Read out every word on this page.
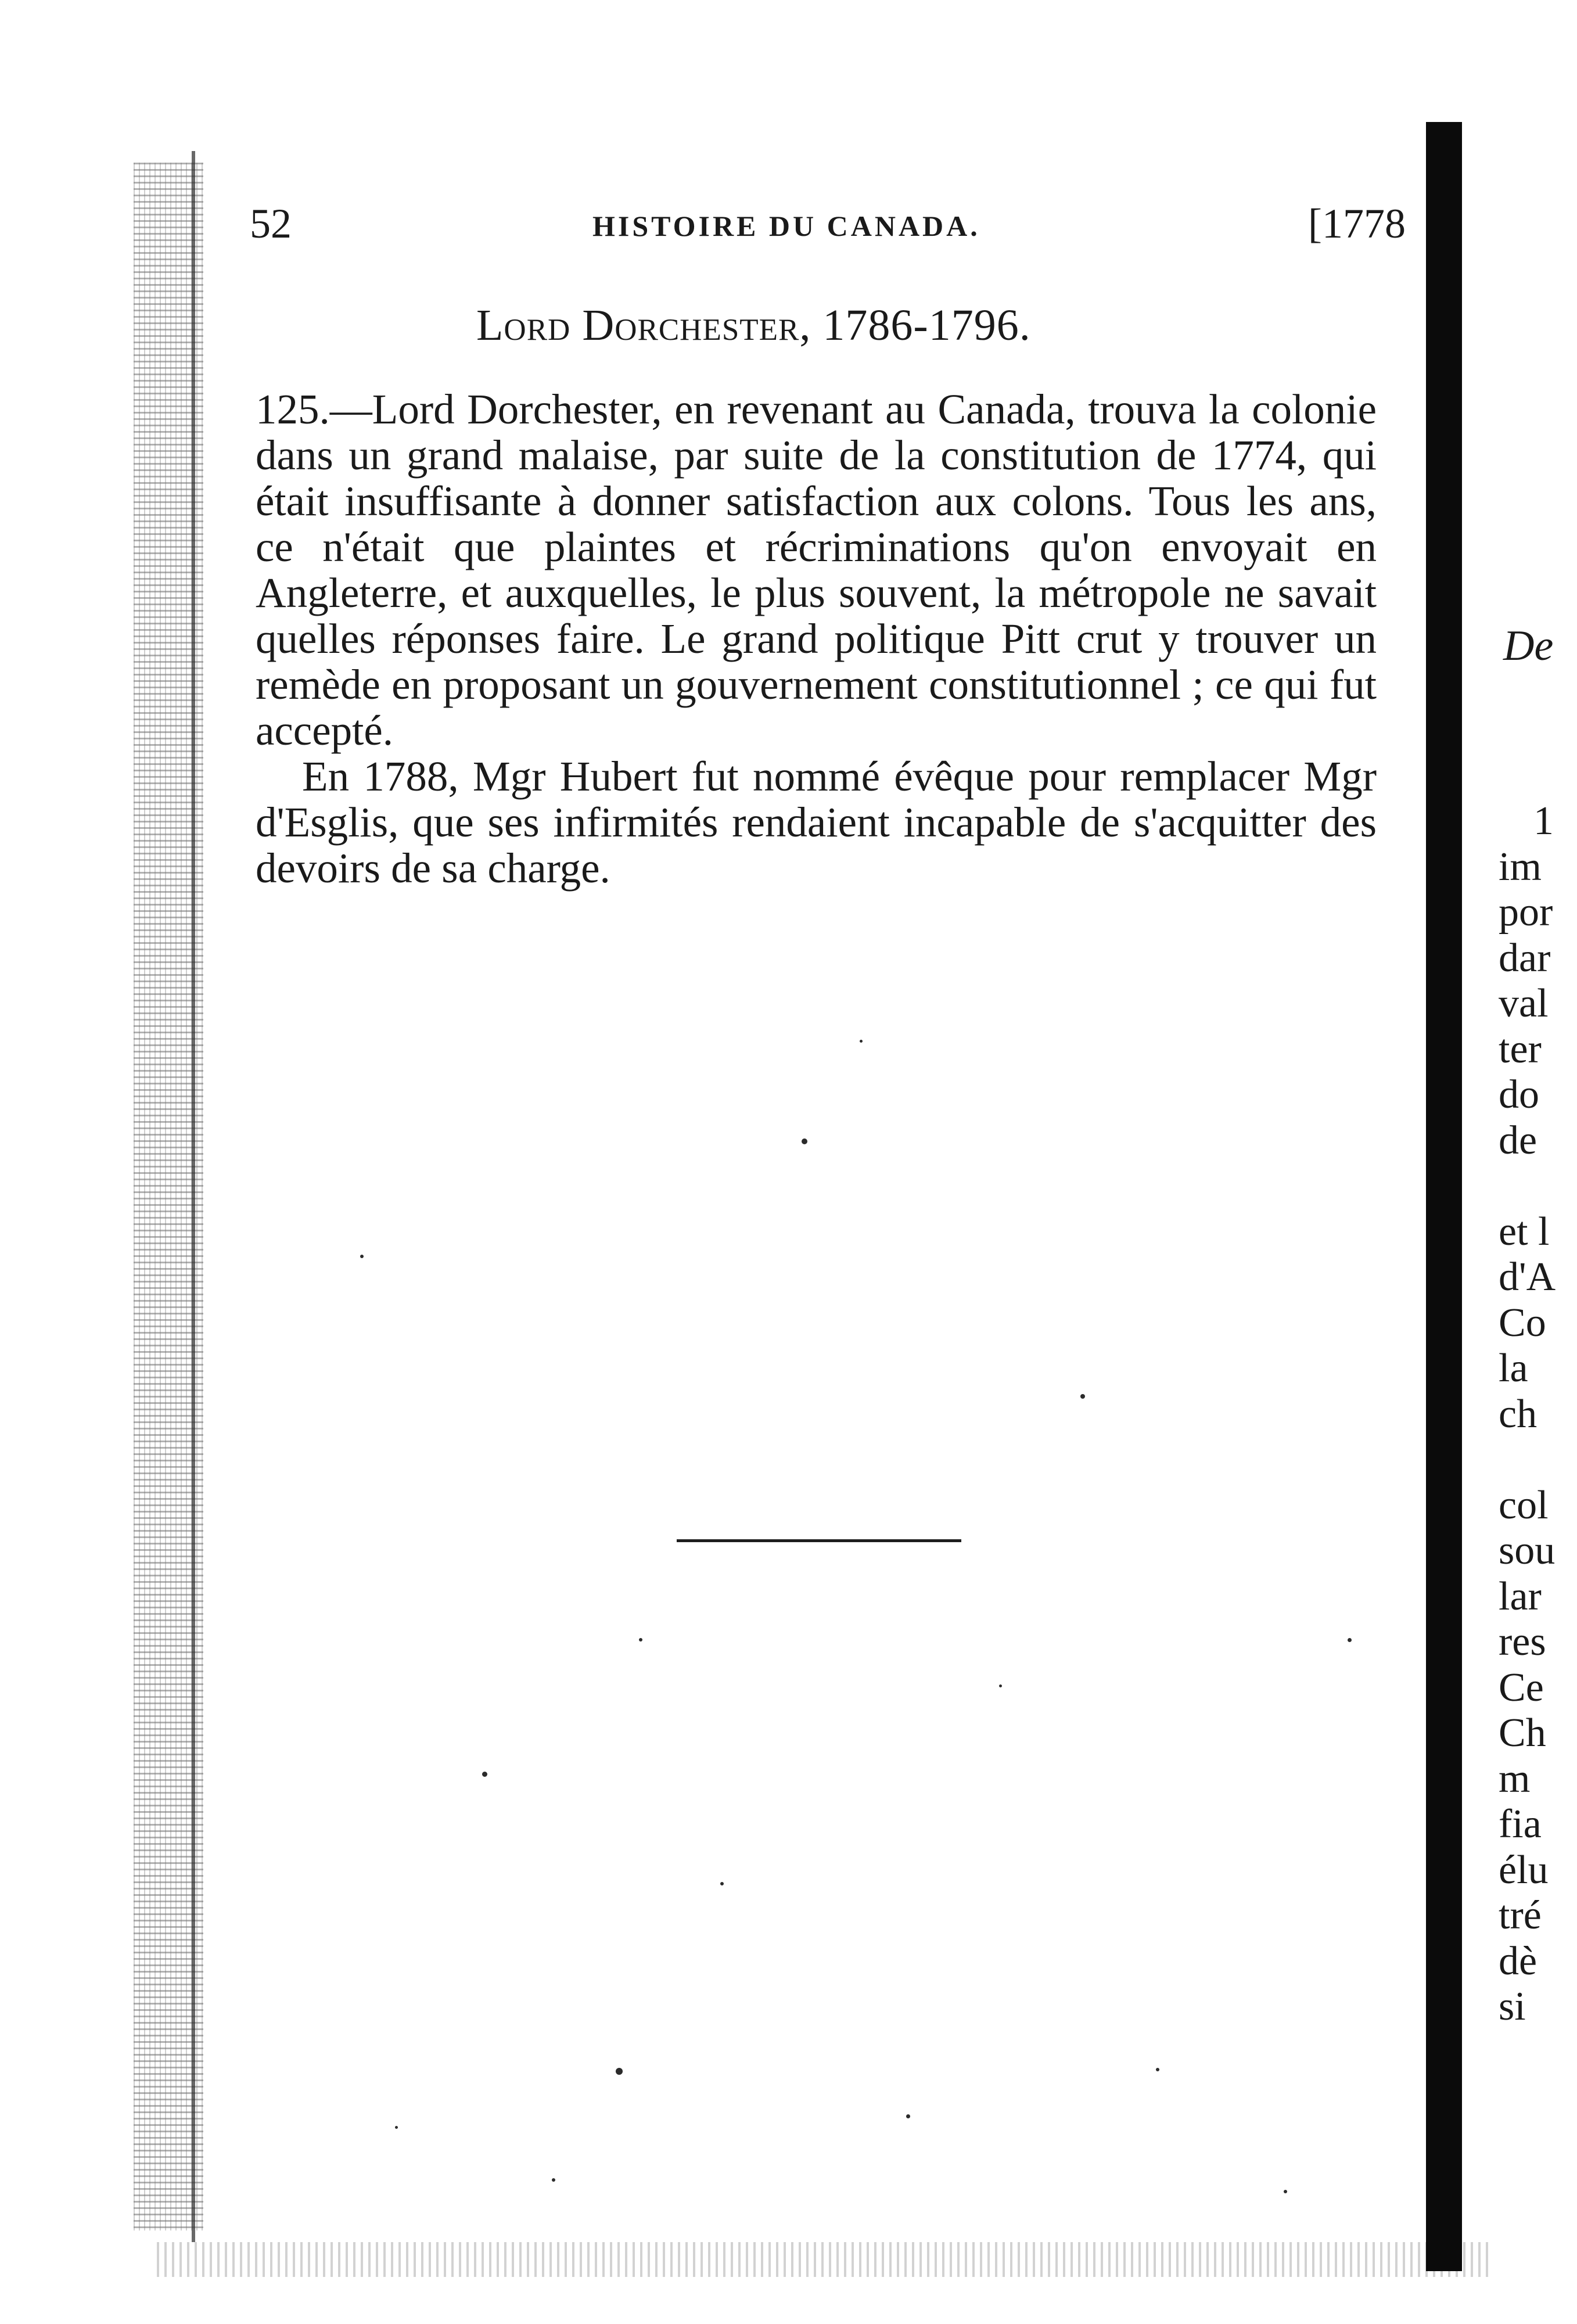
52	HISTOIRE DU CANADA.	[1778
Lord Dorchester, 1786-1796.

125.—Lord Dorchester, en revenant au Canada, trouva la colonie dans un grand malaise, par suite de la constitution de 1774, qui était insuffisante à donner satisfaction aux colons. Tous les ans, ce n'était que plaintes et récriminations qu'on envoyait en Angleterre, et auxquelles, le plus souvent, la métropole ne savait quelles réponses faire. Le grand politique Pitt crut y trouver un remède en proposant un gouvernement constitutionnel ; ce qui fut accepté.

En 1788, Mgr Hubert fut nommé évêque pour remplacer Mgr d'Esglis, que ses infirmités rendaient incapable de s'acquitter des devoirs de sa charge.

De
1
im
por
dar
val
ter
do
de
et l
d'A
Co
la
ch
col
sou
lar
res
Ce
Ch
m
fia
élu
tré
dè
si
